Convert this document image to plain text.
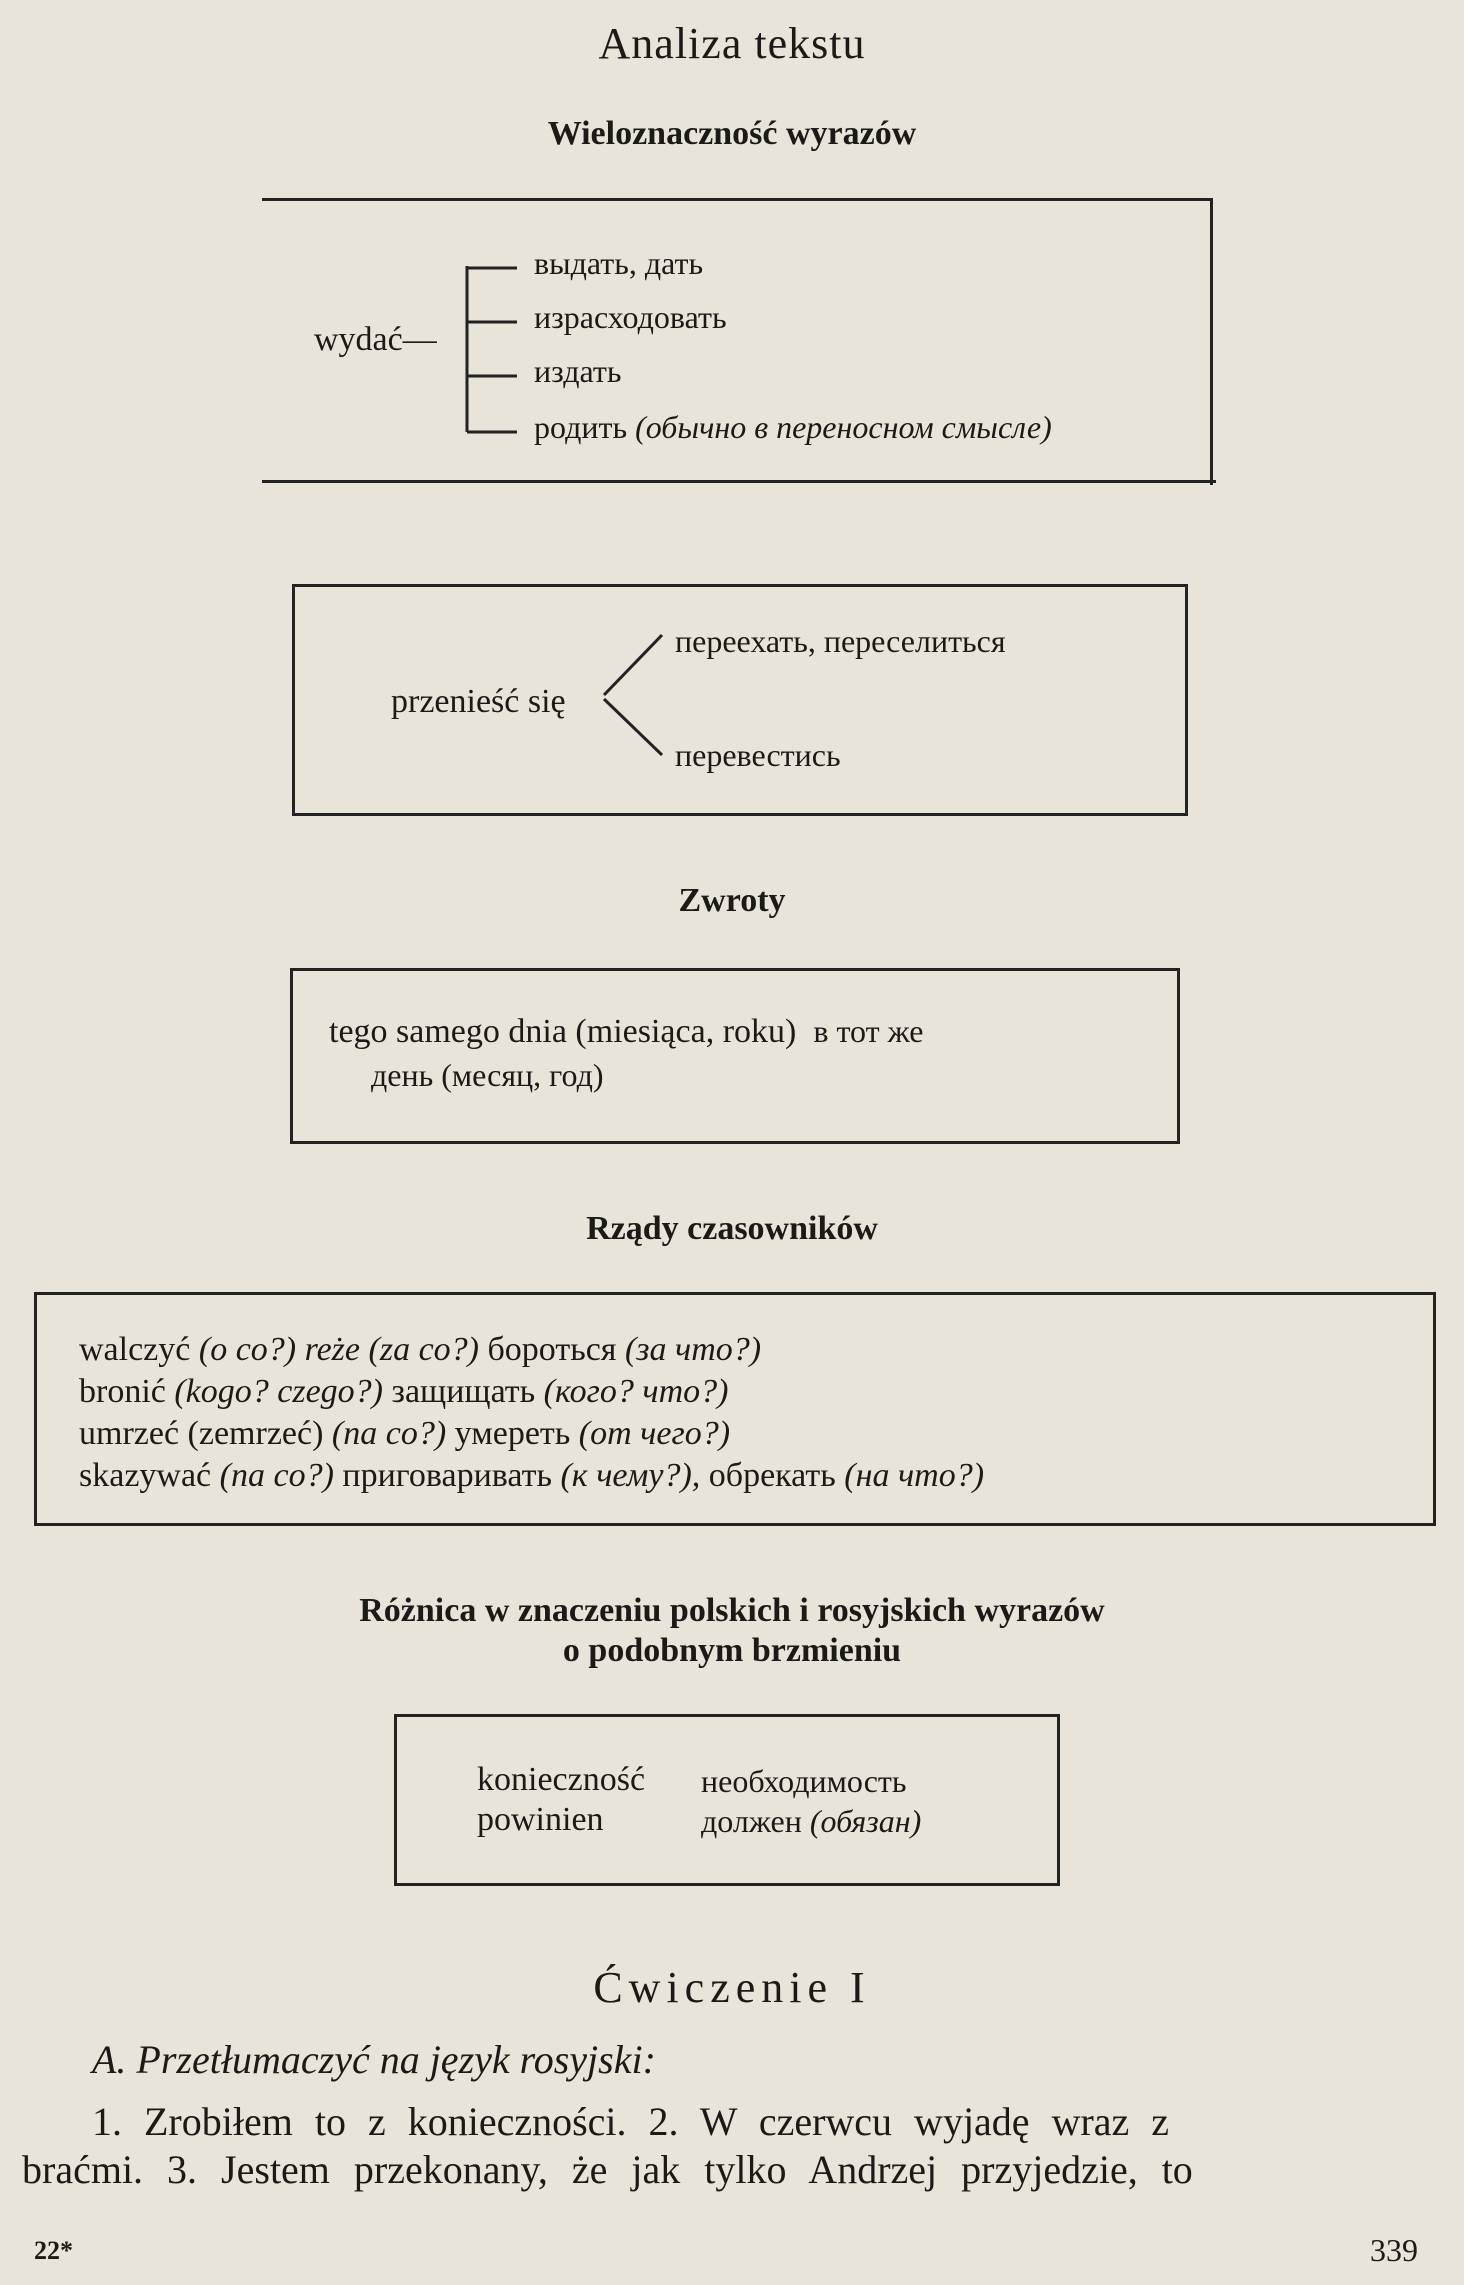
Analiza tekstu
Wieloznaczność wyrazów
wydać—
выдать, дать
израсходовать
издать
родить (обычно в переносном смысле)
przenieść się
переехать, переселиться
перевестись
Zwroty
tego samego dnia (miesiąca, roku) в тот же
день (месяц, год)
Rządy czasowników
walczyć (o co?) reże (za co?) бороться (за что?)
bronić (kogo? czego?) защищать (кого? что?)
umrzeć (zemrzeć) (na co?) умереть (от чего?)
skazywać (na co?) приговаривать (к чему?), обрекать (на что?)
Różnica w znaczeniu polskich i rosyjskich wyrazów
o podobnym brzmieniu
konieczność необходимость
powinien	должен (обязан)
Ćwiczenie I
A. Przetłumaczyć na język rosyjski:
1. Zrobiłem to z konieczności. 2. W czerwcu wyjadę wraz z
braćmi. 3. Jestem przekonany, że jak tylko Andrzej przyjedzie, to
22*	339
